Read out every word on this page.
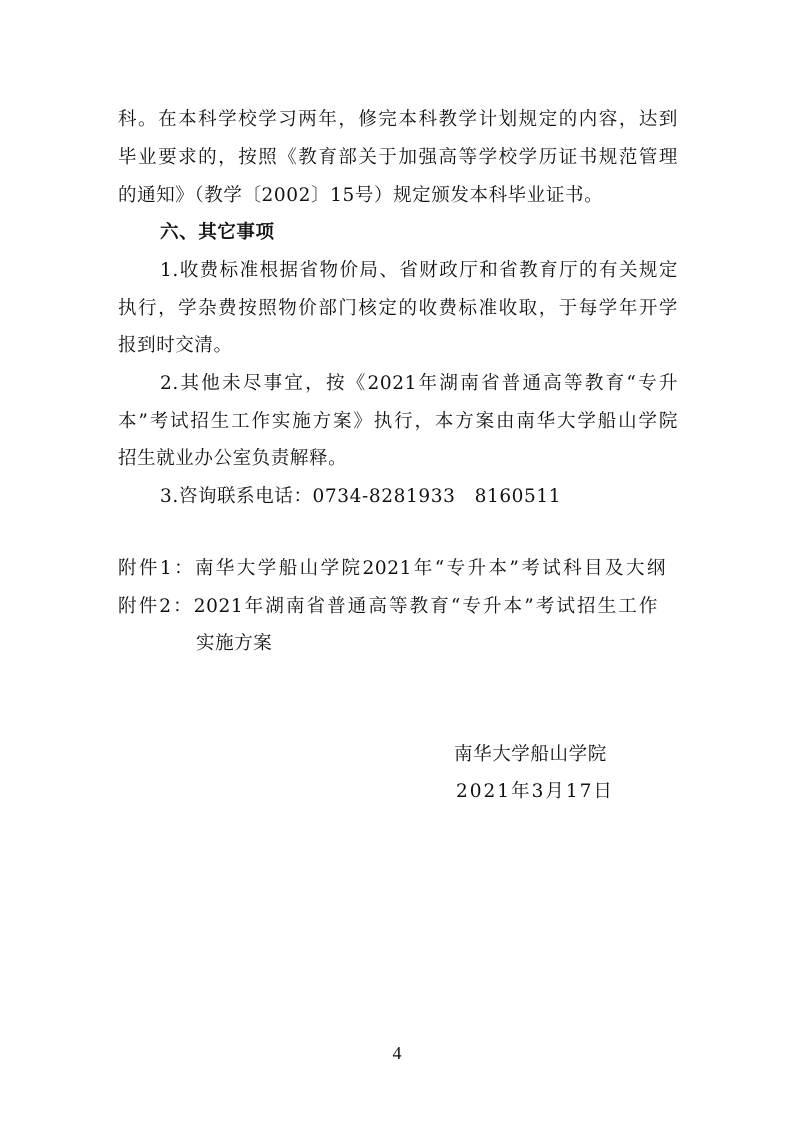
科。在本科学校学习两年，修完本科教学计划规定的内容，达到
毕业要求的，按照《教育部关于加强高等学校学历证书规范管理
的通知》（教学〔2002〕15号）规定颁发本科毕业证书。
六、其它事项
1.收费标准根据省物价局、省财政厅和省教育厅的有关规定
执行，学杂费按照物价部门核定的收费标准收取，于每学年开学
报到时交清。
2.其他未尽事宜，按《2021年湖南省普通高等教育“专升
本”考试招生工作实施方案》执行，本方案由南华大学船山学院
招生就业办公室负责解释。
3.咨询联系电话：0734-8281933　8160511
附件1：南华大学船山学院2021年“专升本”考试科目及大纲
附件2：2021年湖南省普通高等教育“专升本”考试招生工作
实施方案
南华大学船山学院
2021年3月17日
4
